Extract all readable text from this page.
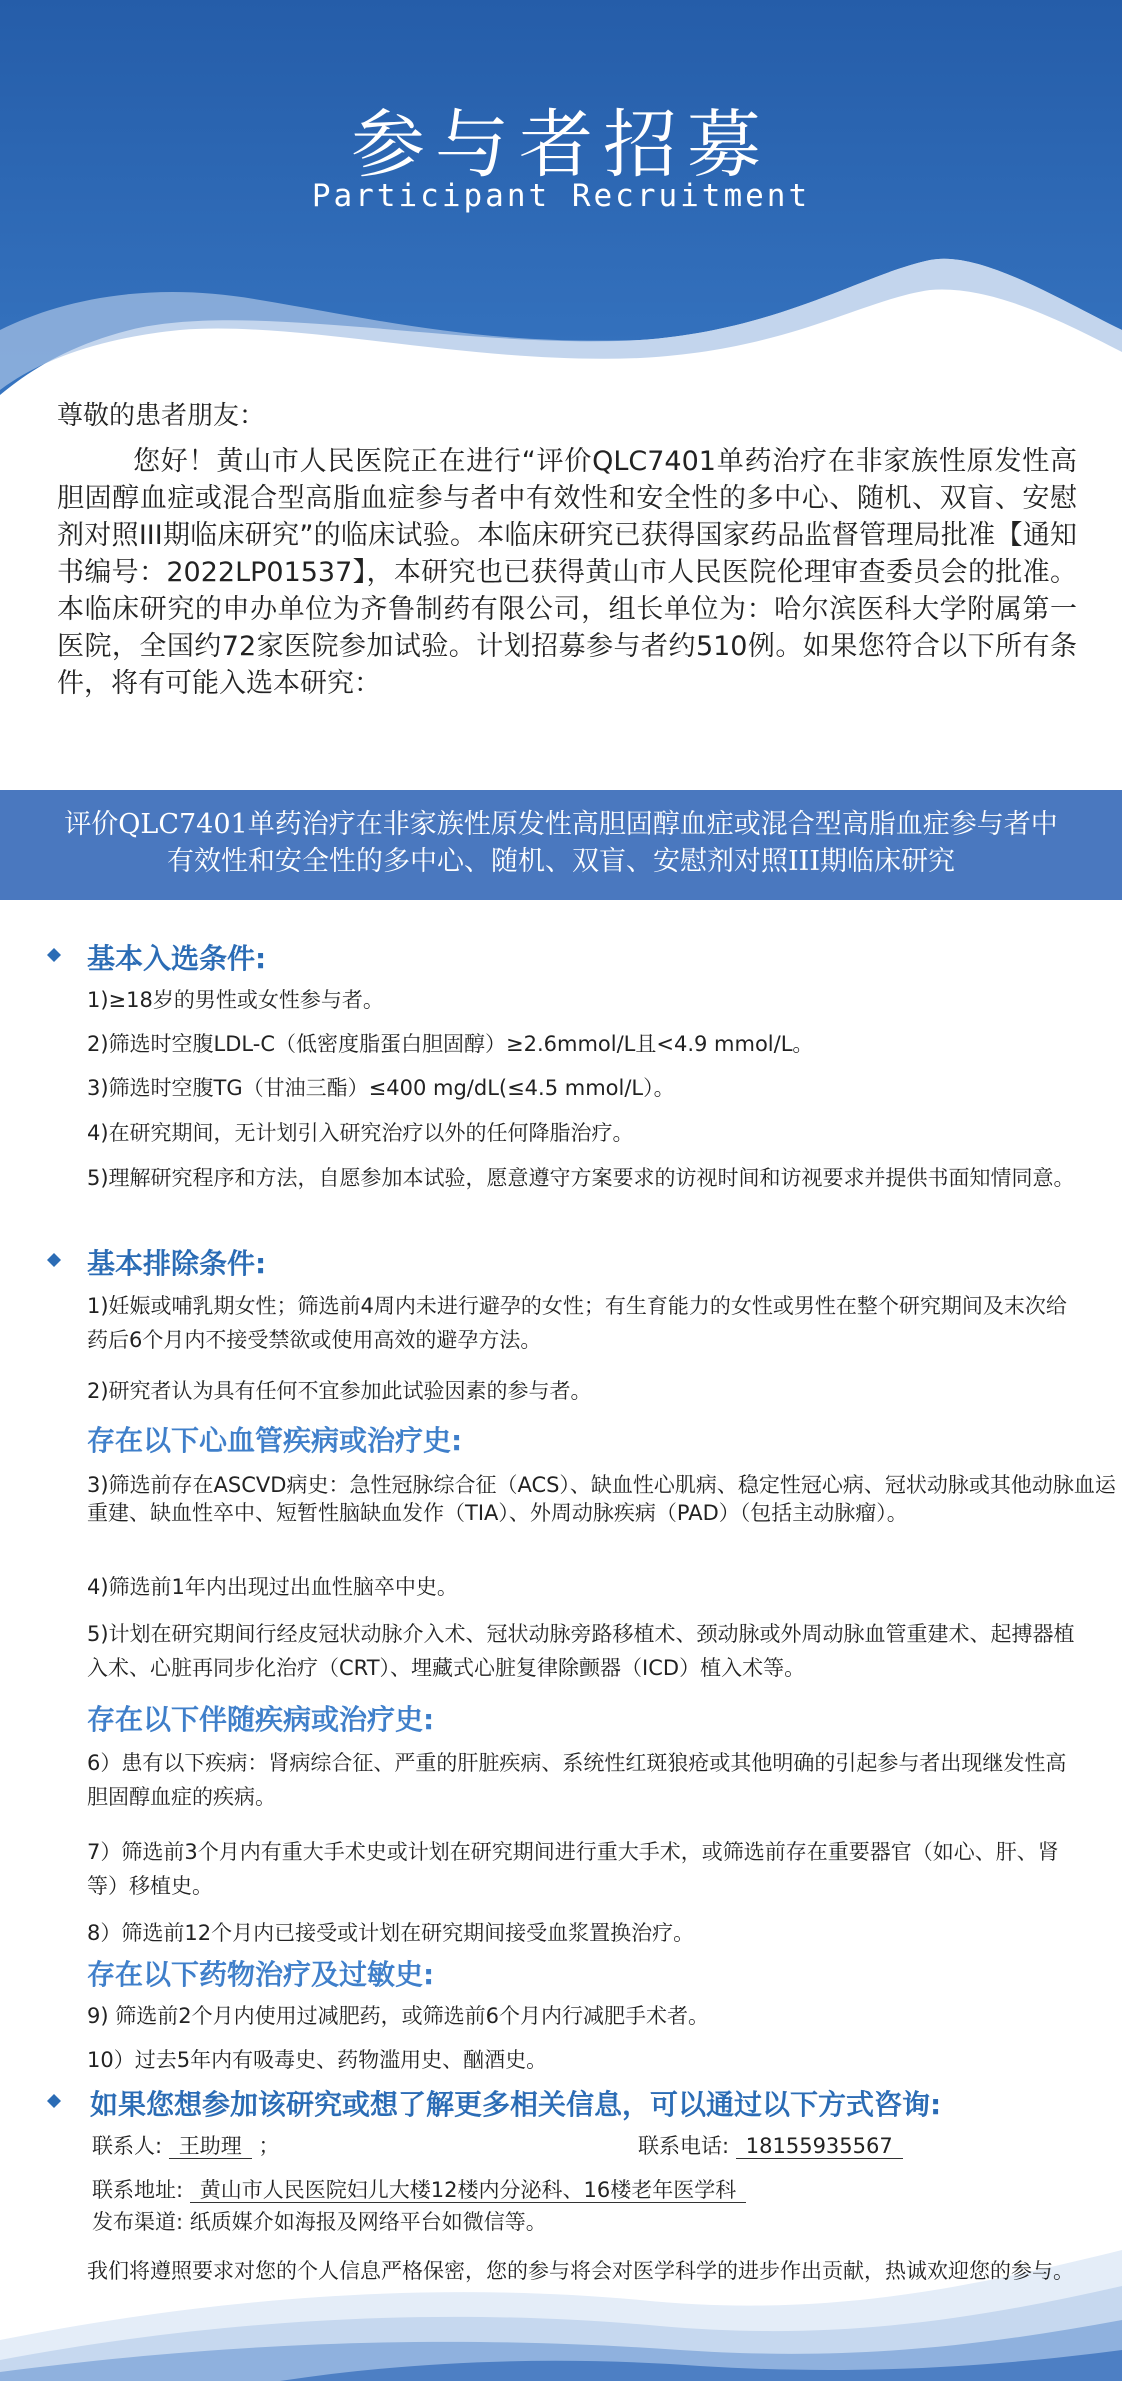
参与者招募
Participant Recruitment
尊敬的患者朋友：
您好！黄山市人民医院正在进行“评价QLC7401单药治疗在非家族性原发性高胆固醇血症或混合型高脂血症参与者中有效性和安全性的多中心、随机、双盲、安慰剂对照III期临床研究”的临床试验。本临床研究已获得国家药品监督管理局批准【通知书编号：2022LP01537】，本研究也已获得黄山市人民医院伦理审查委员会的批准。本临床研究的申办单位为齐鲁制药有限公司，组长单位为：哈尔滨医科大学附属第一医院，全国约72家医院参加试验。计划招募参与者约510例。如果您符合以下所有条件，将有可能入选本研究：
评价QLC7401单药治疗在非家族性原发性高胆固醇血症或混合型高脂血症参与者中
有效性和安全性的多中心、随机、双盲、安慰剂对照III期临床研究
基本入选条件:
1)≥18岁的男性或女性参与者。
2)筛选时空腹LDL-C（低密度脂蛋白胆固醇）≥2.6mmol/L且<4.9 mmol/L。
3)筛选时空腹TG（甘油三酯）≤400 mg/dL(≤4.5 mmol/L）。
4)在研究期间，无计划引入研究治疗以外的任何降脂治疗。
5)理解研究程序和方法，自愿参加本试验，愿意遵守方案要求的访视时间和访视要求并提供书面知情同意。
基本排除条件:
1)妊娠或哺乳期女性；筛选前4周内未进行避孕的女性；有生育能力的女性或男性在整个研究期间及末次给药后6个月内不接受禁欲或使用高效的避孕方法。
2)研究者认为具有任何不宜参加此试验因素的参与者。
存在以下心血管疾病或治疗史:
3)筛选前存在ASCVD病史：急性冠脉综合征（ACS）、缺血性心肌病、稳定性冠心病、冠状动脉或其他动脉血运重建、缺血性卒中、短暂性脑缺血发作（TIA）、外周动脉疾病（PAD）（包括主动脉瘤）。
4)筛选前1年内出现过出血性脑卒中史。
5)计划在研究期间行经皮冠状动脉介入术、冠状动脉旁路移植术、颈动脉或外周动脉血管重建术、起搏器植入术、心脏再同步化治疗（CRT）、埋藏式心脏复律除颤器（ICD）植入术等。
存在以下伴随疾病或治疗史:
6）患有以下疾病：肾病综合征、严重的肝脏疾病、系统性红斑狼疮或其他明确的引起参与者出现继发性高胆固醇血症的疾病。
7）筛选前3个月内有重大手术史或计划在研究期间进行重大手术，或筛选前存在重要器官（如心、肝、肾等）移植史。
8）筛选前12个月内已接受或计划在研究期间接受血浆置换治疗。
存在以下药物治疗及过敏史:
9) 筛选前2个月内使用过减肥药，或筛选前6个月内行减肥手术者。
10）过去5年内有吸毒史、药物滥用史、酗酒史。
如果您想参加该研究或想了解更多相关信息，可以通过以下方式咨询:
联系人: 王助理 ；	联系电话: 18155935567
联系地址: 黄山市人民医院妇儿大楼12楼内分泌科、16楼老年医学科
发布渠道: 纸质媒介如海报及网络平台如微信等。
我们将遵照要求对您的个人信息严格保密，您的参与将会对医学科学的进步作出贡献，热诚欢迎您的参与。
